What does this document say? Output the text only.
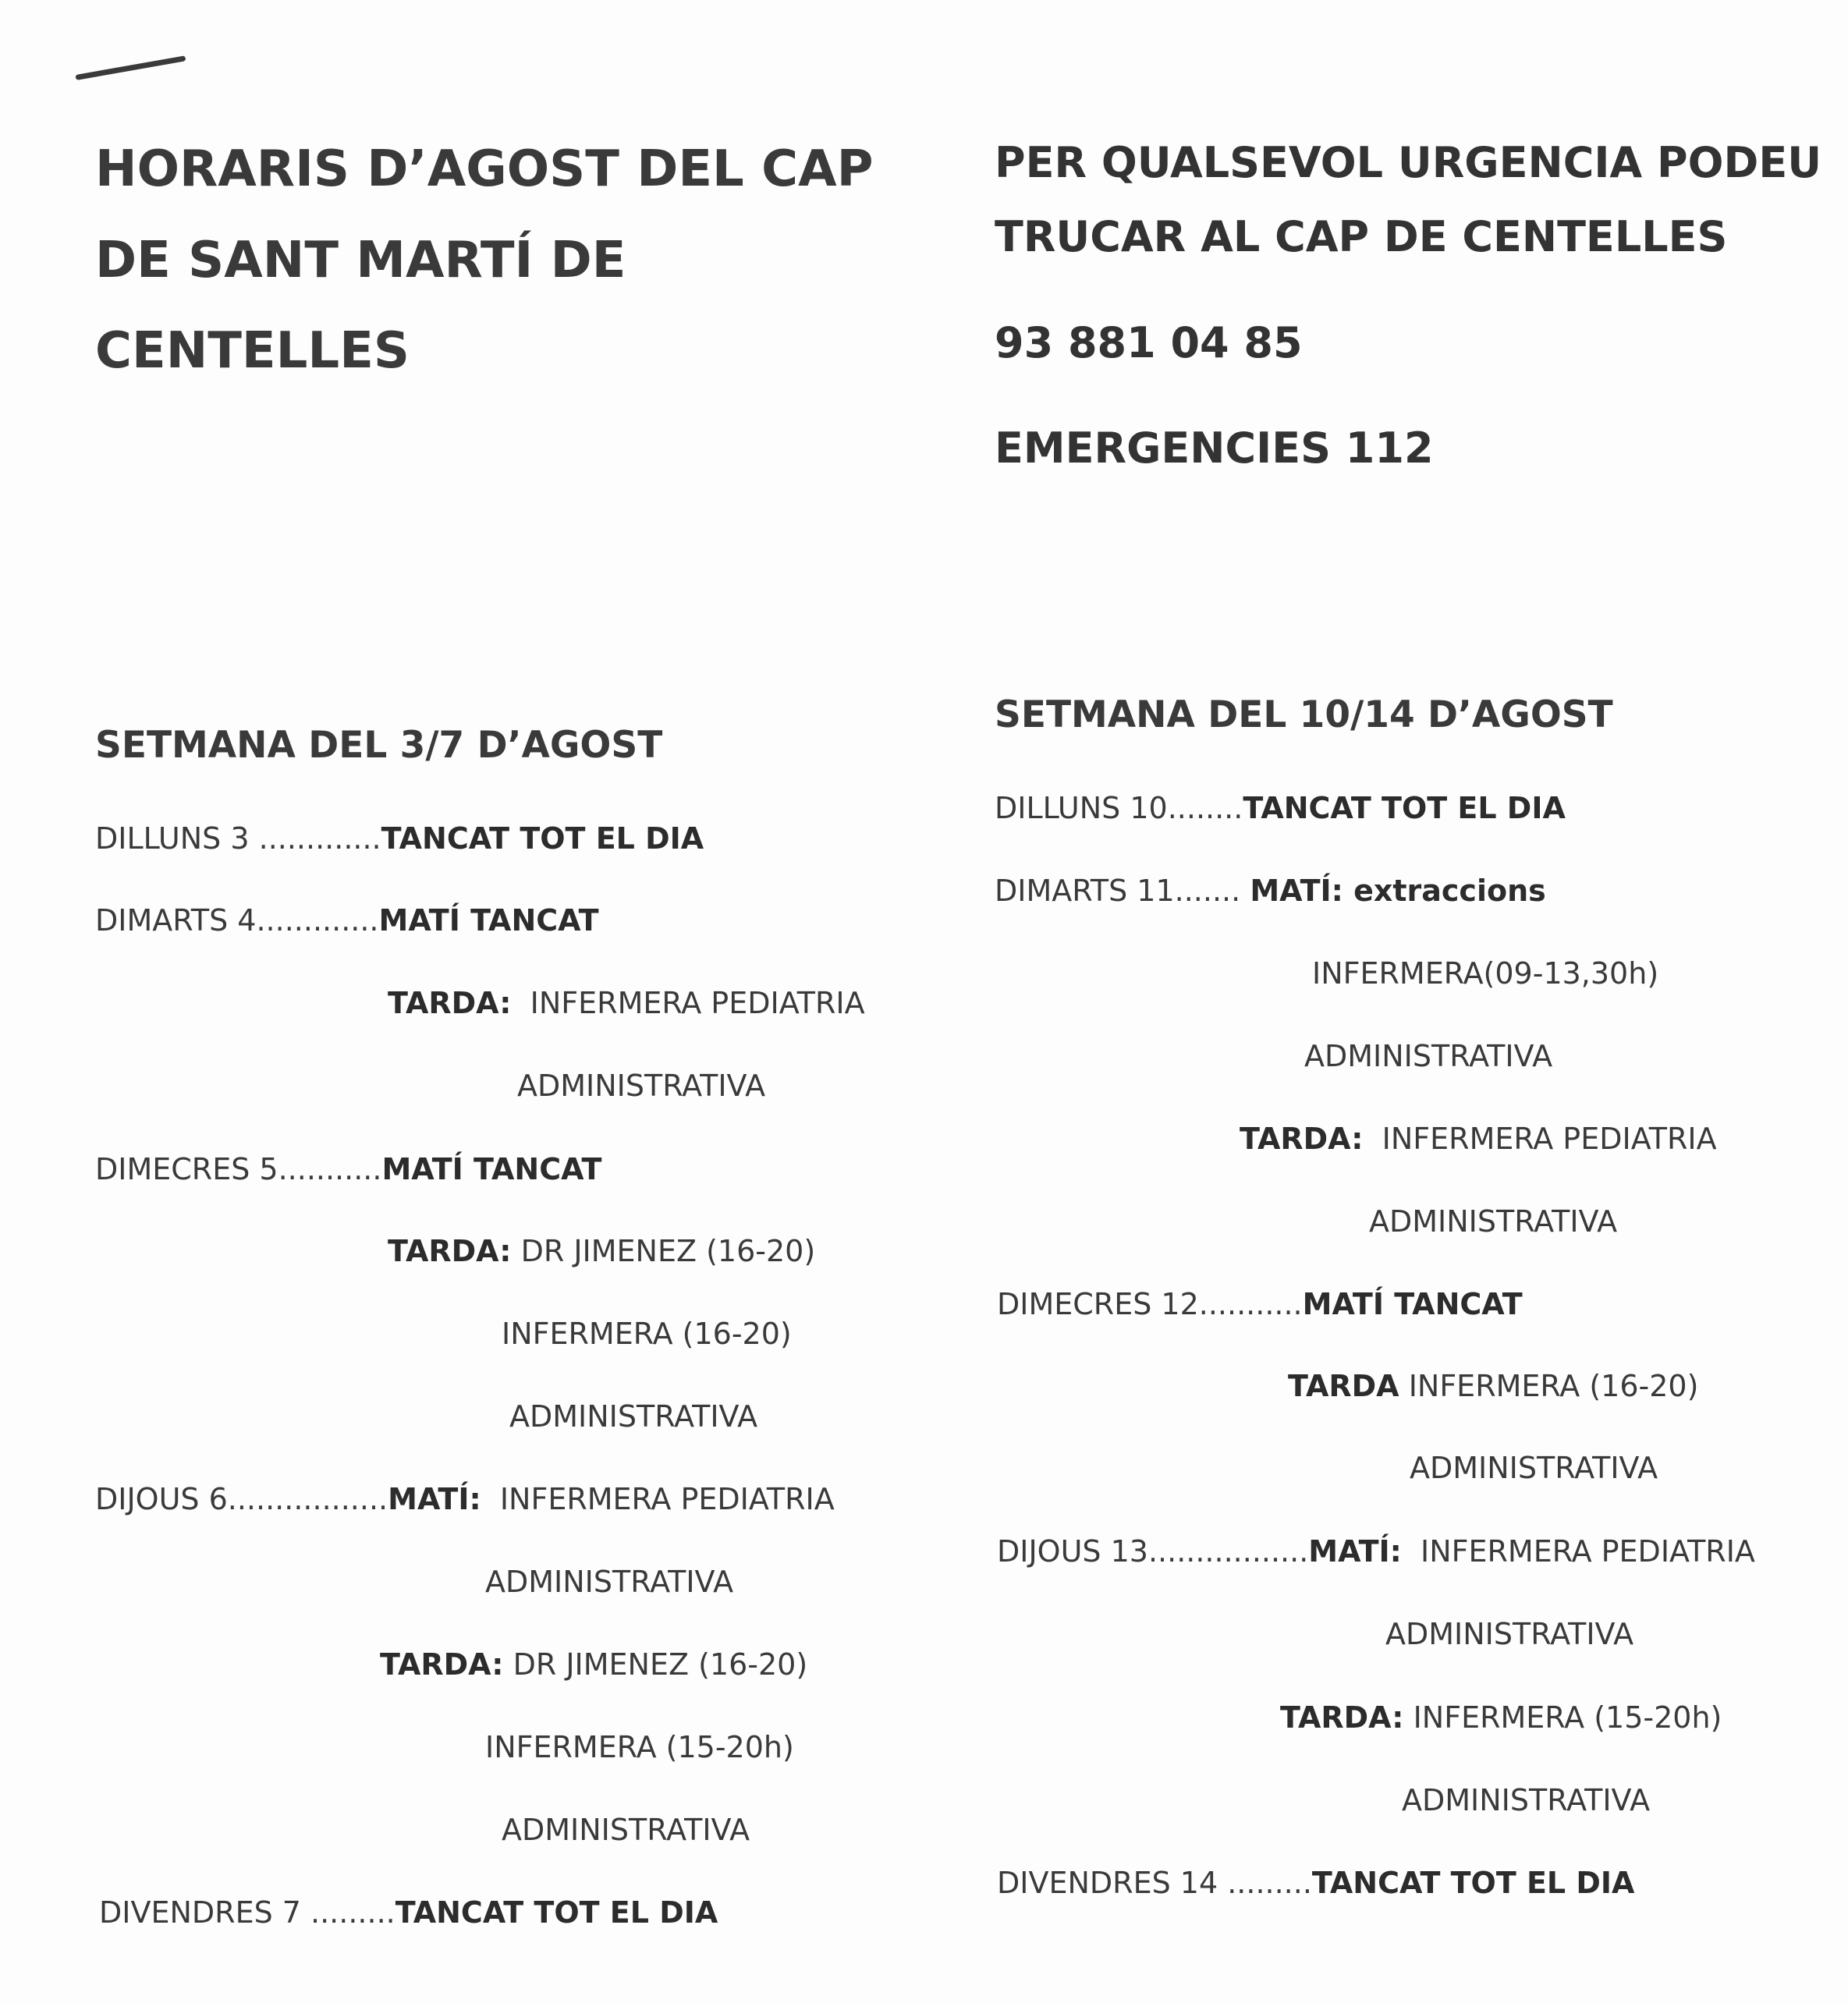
HORARIS D’AGOST DEL CAP
DE SANT MARTÍ DE
CENTELLES
PER QUALSEVOL URGENCIA PODEU
TRUCAR AL CAP DE CENTELLES
93 881 04 85
EMERGENCIES 112
SETMANA DEL 3/7 D’AGOST
DILLUNS 3 .............TANCAT TOT EL DIA
DIMARTS 4.............MATÍ TANCAT
TARDA: INFERMERA PEDIATRIA
ADMINISTRATIVA
DIMECRES 5...........MATÍ TANCAT
TARDA: DR JIMENEZ (16-20)
INFERMERA (16-20)
ADMINISTRATIVA
DIJOUS 6.................MATÍ: INFERMERA PEDIATRIA
ADMINISTRATIVA
TARDA: DR JIMENEZ (16-20)
INFERMERA (15-20h)
ADMINISTRATIVA
DIVENDRES 7 .........TANCAT TOT EL DIA
SETMANA DEL 10/14 D’AGOST
DILLUNS 10........TANCAT TOT EL DIA
DIMARTS 11....... MATÍ: extraccions
INFERMERA(09-13,30h)
ADMINISTRATIVA
TARDA: INFERMERA PEDIATRIA
ADMINISTRATIVA
DIMECRES 12...........MATÍ TANCAT
TARDA INFERMERA (16-20)
ADMINISTRATIVA
DIJOUS 13.................MATÍ: INFERMERA PEDIATRIA
ADMINISTRATIVA
TARDA: INFERMERA (15-20h)
ADMINISTRATIVA
DIVENDRES 14 .........TANCAT TOT EL DIA
